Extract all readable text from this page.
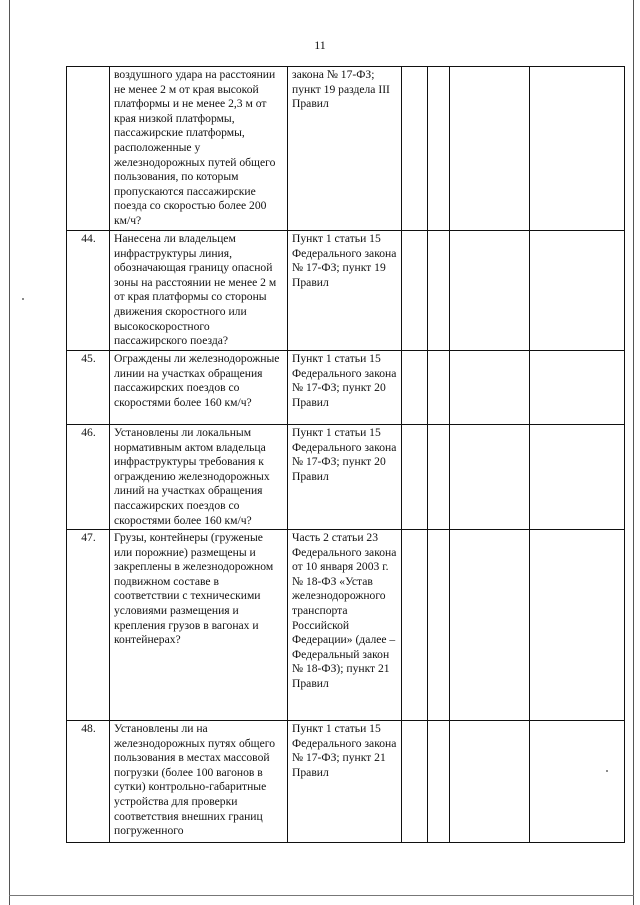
11
	воздушного удара на расстоянии не менее 2 м от края высокой платформы и не менее 2,3 м от края низкой платформы, пассажирские платформы, расположенные у железнодорожных путей общего пользования, по которым пропускаются пассажирские поезда со скоростью более 200 км/ч?	закона № 17-ФЗ; пункт 19 раздела III Правил				
44.	Нанесена ли владельцем инфраструктуры линия, обозначающая границу опасной зоны на расстоянии не менее 2 м от края платформы со стороны движения скоростного или высокоскоростного пассажирского поезда?	Пункт 1 статьи 15 Федерального закона № 17-ФЗ; пункт 19 Правил				
45.	Ограждены ли железнодорожные линии на участках обращения пассажирских поездов со скоростями более 160 км/ч?	Пункт 1 статьи 15 Федерального закона № 17-ФЗ; пункт 20 Правил				
46.	Установлены ли локальным нормативным актом владельца инфраструктуры требования к ограждению железнодорожных линий на участках обращения пассажирских поездов со скоростями более 160 км/ч?	Пункт 1 статьи 15 Федерального закона № 17-ФЗ; пункт 20 Правил				
47.	Грузы, контейнеры (груженые или порожние) размещены и закреплены в железнодорожном подвижном составе в соответствии с техническими условиями размещения и крепления грузов в вагонах и контейнерах?	Часть 2 статьи 23 Федерального закона от 10 января 2003 г. № 18-ФЗ «Устав железнодорожного транспорта Российской Федерации» (далее – Федеральный закон № 18-ФЗ); пункт 21 Правил				
48.	Установлены ли на железнодорожных путях общего пользования в местах массовой погрузки (более 100 вагонов в сутки) контрольно-габаритные устройства для проверки соответствия внешних границ погруженного	Пункт 1 статьи 15 Федерального закона № 17-ФЗ; пункт 21 Правил				
